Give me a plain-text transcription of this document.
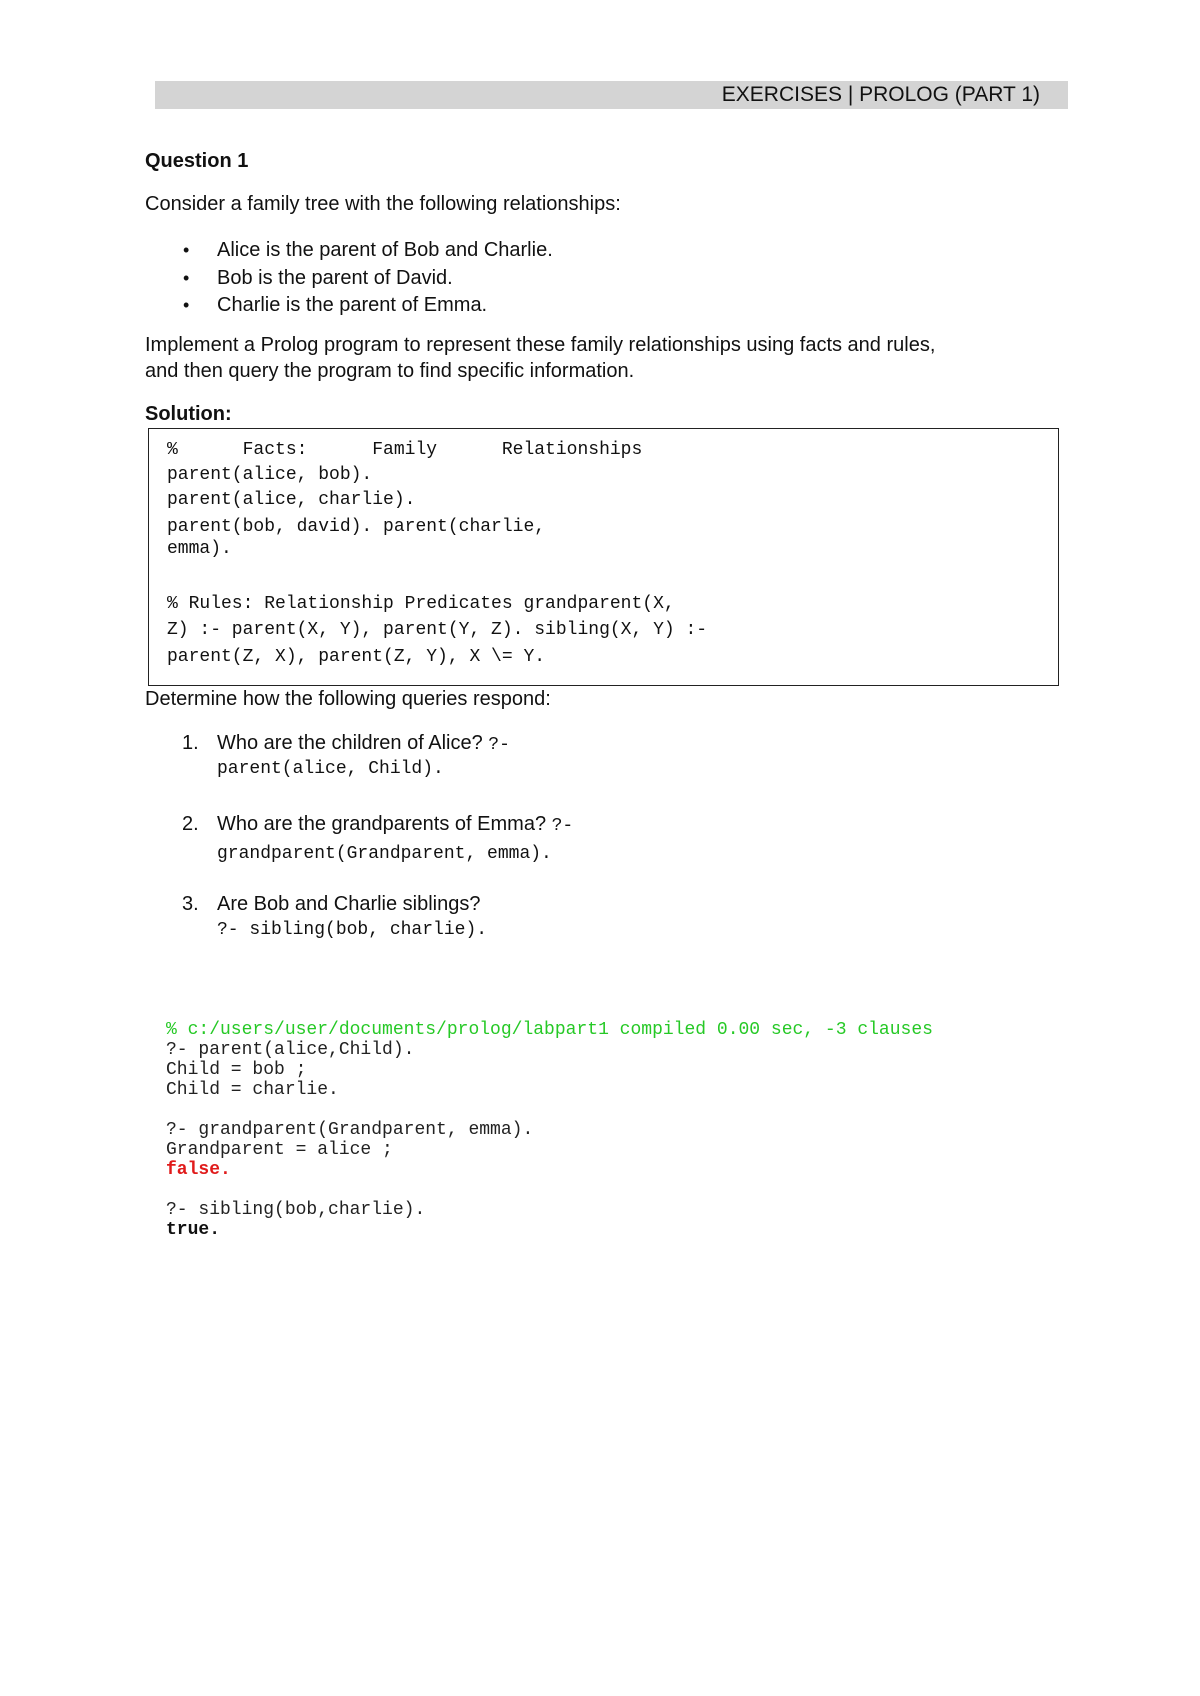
EXERCISES | PROLOG (PART 1)
Question 1
Consider a family tree with the following relationships:
• Alice is the parent of Bob and Charlie.
• Bob is the parent of David.
• Charlie is the parent of Emma.
Implement a Prolog program to represent these family relationships using facts and rules,
and then query the program to find specific information.
Solution:
%      Facts:      Family      Relationships
parent(alice, bob).
parent(alice, charlie).
parent(bob, david). parent(charlie,
emma).
% Rules: Relationship Predicates grandparent(X,
Z) :- parent(X, Y), parent(Y, Z). sibling(X, Y) :-
parent(Z, X), parent(Z, Y), X \= Y.
Determine how the following queries respond:
1. Who are the children of Alice? ?-
parent(alice, Child).
2. Who are the grandparents of Emma? ?-
grandparent(Grandparent, emma).
3. Are Bob and Charlie siblings?
?- sibling(bob, charlie).
% c:/users/user/documents/prolog/labpart1 compiled 0.00 sec, -3 clauses
?- parent(alice,Child).
Child = bob ;
Child = charlie.
?- grandparent(Grandparent, emma).
Grandparent = alice ;
false.
?- sibling(bob,charlie).
true.
